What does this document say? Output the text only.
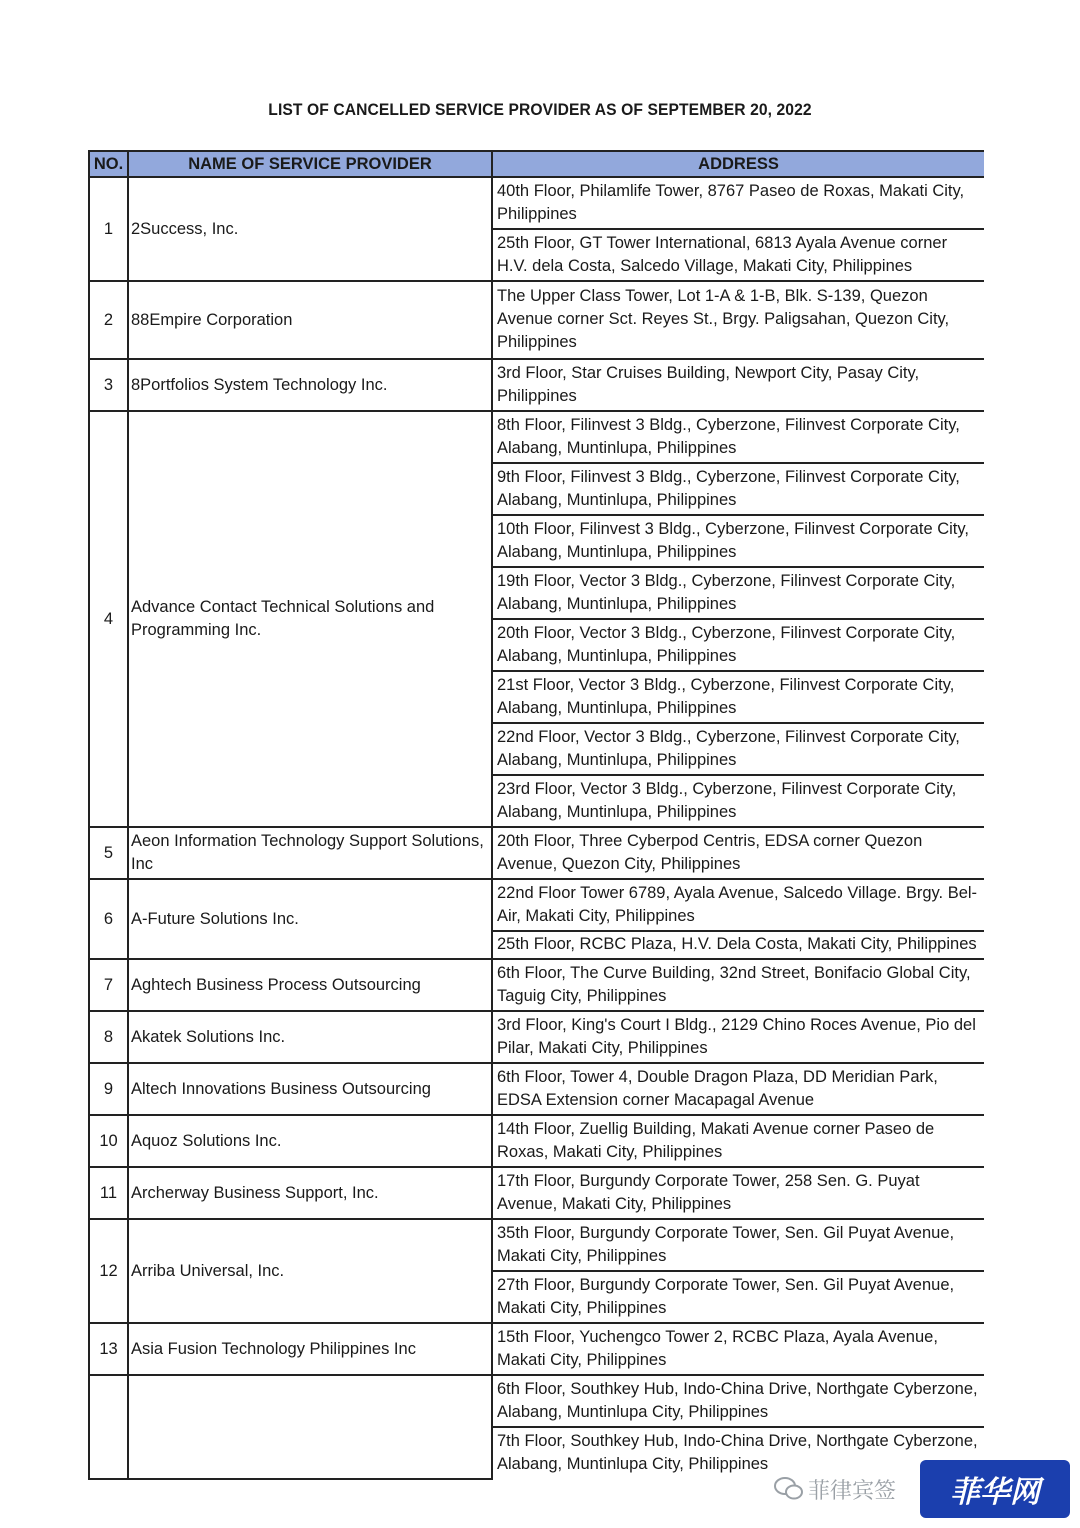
LIST OF CANCELLED SERVICE PROVIDER AS OF SEPTEMBER 20, 2022
NO.	NAME OF SERVICE PROVIDER	ADDRESS
1	2Success, Inc.	40th Floor, Philamlife Tower, 8767 Paseo de Roxas, Makati City, Philippines
		25th Floor, GT Tower International, 6813 Ayala Avenue corner H.V. dela Costa, Salcedo Village, Makati City, Philippines
2	88Empire Corporation	The Upper Class Tower, Lot 1-A & 1-B, Blk. S-139, Quezon Avenue corner Sct. Reyes St., Brgy. Paligsahan, Quezon City, Philippines
3	8Portfolios System Technology Inc.	3rd Floor, Star Cruises Building, Newport City, Pasay City, Philippines
4	Advance Contact Technical Solutions and Programming Inc.	8th Floor, Filinvest 3 Bldg., Cyberzone, Filinvest Corporate City, Alabang, Muntinlupa, Philippines
		9th Floor, Filinvest 3 Bldg., Cyberzone, Filinvest Corporate City, Alabang, Muntinlupa, Philippines
		10th Floor, Filinvest 3 Bldg., Cyberzone, Filinvest Corporate City, Alabang, Muntinlupa, Philippines
		19th Floor, Vector 3 Bldg., Cyberzone, Filinvest Corporate City, Alabang, Muntinlupa, Philippines
		20th Floor, Vector 3 Bldg., Cyberzone, Filinvest Corporate City, Alabang, Muntinlupa, Philippines
		21st Floor, Vector 3 Bldg., Cyberzone, Filinvest Corporate City, Alabang, Muntinlupa, Philippines
		22nd Floor, Vector 3 Bldg., Cyberzone, Filinvest Corporate City, Alabang, Muntinlupa, Philippines
		23rd Floor, Vector 3 Bldg., Cyberzone, Filinvest Corporate City, Alabang, Muntinlupa, Philippines
5	Aeon Information Technology Support Solutions, Inc	20th Floor, Three Cyberpod Centris, EDSA corner Quezon Avenue, Quezon City, Philippines
6	A-Future Solutions Inc.	22nd Floor Tower 6789, Ayala Avenue, Salcedo Village. Brgy. Bel-Air, Makati City, Philippines
		25th Floor, RCBC Plaza, H.V. Dela Costa, Makati City, Philippines
7	Aghtech Business Process Outsourcing	6th Floor, The Curve Building, 32nd Street, Bonifacio Global City, Taguig City, Philippines
8	Akatek Solutions Inc.	3rd Floor, King's Court I Bldg., 2129 Chino Roces Avenue, Pio del Pilar, Makati City, Philippines
9	Altech Innovations Business Outsourcing	6th Floor, Tower 4, Double Dragon Plaza, DD Meridian Park, EDSA Extension corner Macapagal Avenue
10	Aquoz Solutions Inc.	14th Floor, Zuellig Building, Makati Avenue corner Paseo de Roxas, Makati City, Philippines
11	Archerway Business Support, Inc.	17th Floor, Burgundy Corporate Tower, 258 Sen. G. Puyat Avenue, Makati City, Philippines
12	Arriba Universal, Inc.	35th Floor, Burgundy Corporate Tower, Sen. Gil Puyat Avenue, Makati City, Philippines
		27th Floor, Burgundy Corporate Tower, Sen. Gil Puyat Avenue, Makati City, Philippines
13	Asia Fusion Technology Philippines Inc	15th Floor, Yuchengco Tower 2, RCBC Plaza, Ayala Avenue, Makati City, Philippines
		6th Floor, Southkey Hub, Indo-China Drive, Northgate Cyberzone, Alabang, Muntinlupa City, Philippines
		7th Floor, Southkey Hub, Indo-China Drive, Northgate Cyberzone, Alabang, Muntinlupa City, Philippines
菲律宾签	菲华网
